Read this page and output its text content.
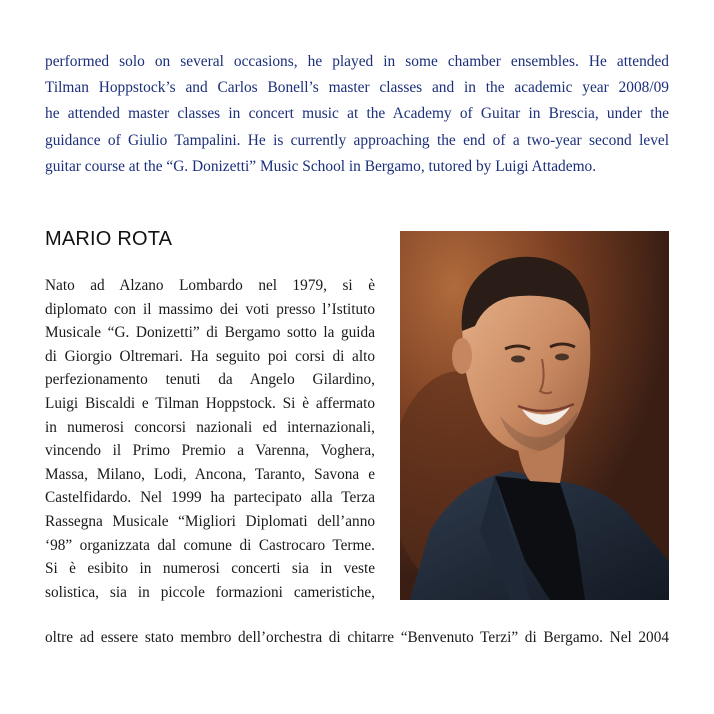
performed solo on several occasions, he played in some chamber ensembles. He attended
Tilman Hoppstock’s and Carlos Bonell’s master classes and in the academic year 2008/09
he attended master classes in concert music at the Academy of Guitar in Brescia, under the
guidance of Giulio Tampalini. He is currently approaching the end of a two-year second level
guitar course at the “G. Donizetti” Music School in Bergamo, tutored by Luigi Attademo.

MARIO ROTA

Nato ad Alzano Lombardo nel 1979, si è
diplomato con il massimo dei voti presso l’Istituto
Musicale “G. Donizetti” di Bergamo sotto la guida
di Giorgio Oltremari. Ha seguito poi corsi di alto
perfezionamento tenuti da Angelo Gilardino,
Luigi Biscaldi e Tilman Hoppstock. Si è affermato
in numerosi concorsi nazionali ed internazionali,
vincendo il Primo Premio a Varenna, Voghera,
Massa, Milano, Lodi, Ancona, Taranto, Savona e
Castelfidardo. Nel 1999 ha partecipato alla Terza
Rassegna Musicale “Migliori Diplomati dell’anno
‘98” organizzata dal comune di Castrocaro Terme.
Si è esibito in numerosi concerti sia in veste
solistica, sia in piccole formazioni cameristiche,

oltre ad essere stato membro dell’orchestra di chitarre “Benvenuto Terzi” di Bergamo. Nel 2004
